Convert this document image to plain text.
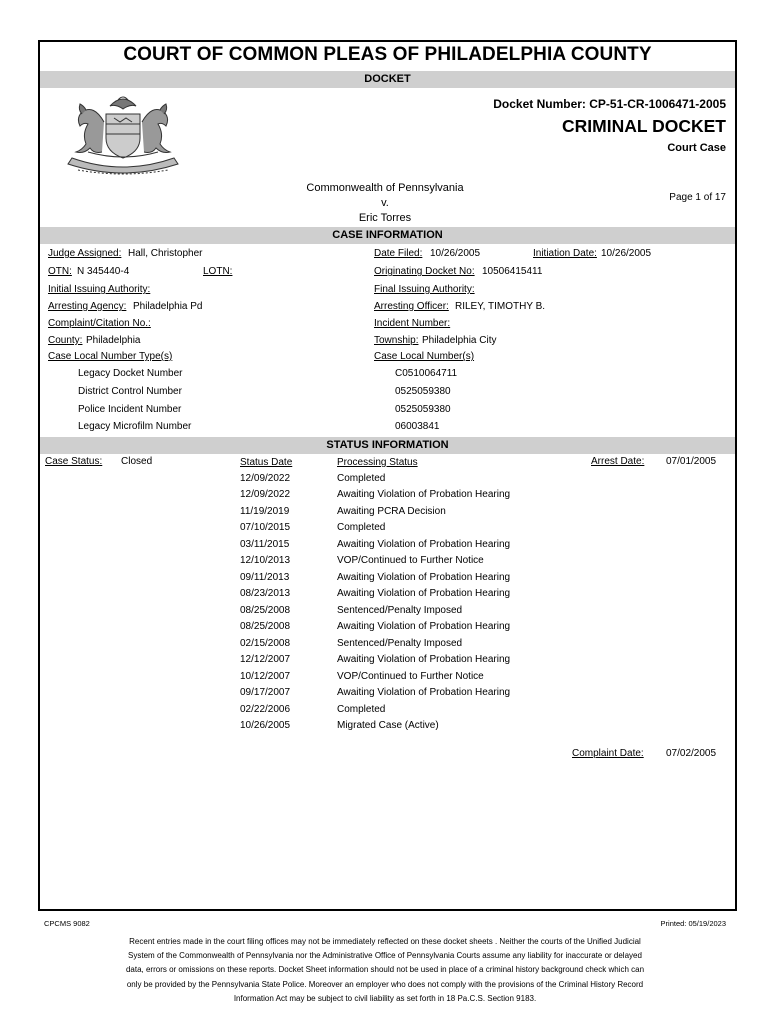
COURT OF COMMON PLEAS OF PHILADELPHIA COUNTY
DOCKET
Docket Number: CP-51-CR-1006471-2005
CRIMINAL DOCKET
Court Case
Commonwealth of Pennsylvania
v.
Eric Torres
Page 1 of 17
CASE INFORMATION
Judge Assigned: Hall, Christopher	Date Filed: 10/26/2005	Initiation Date: 10/26/2005
OTN: N 345440-4	LOTN:	Originating Docket No: 10506415411
Initial Issuing Authority:	Final Issuing Authority:
Arresting Agency: Philadelphia Pd	Arresting Officer: RILEY, TIMOTHY B.
Complaint/Citation No.:	Incident Number:
County: Philadelphia	Township: Philadelphia City
Case Local Number Type(s)	Case Local Number(s)
Legacy Docket Number	C0510064711
District Control Number	0525059380
Police Incident Number	0525059380
Legacy Microfilm Number	06003841
STATUS INFORMATION
Case Status: Closed	Status Date	Processing Status	Arrest Date: 07/01/2005
12/09/2022	Completed
12/09/2022	Awaiting Violation of Probation Hearing
11/19/2019	Awaiting PCRA Decision
07/10/2015	Completed
03/11/2015	Awaiting Violation of Probation Hearing
12/10/2013	VOP/Continued to Further Notice
09/11/2013	Awaiting Violation of Probation Hearing
08/23/2013	Awaiting Violation of Probation Hearing
08/25/2008	Sentenced/Penalty Imposed
08/25/2008	Awaiting Violation of Probation Hearing
02/15/2008	Sentenced/Penalty Imposed
12/12/2007	Awaiting Violation of Probation Hearing
10/12/2007	VOP/Continued to Further Notice
09/17/2007	Awaiting Violation of Probation Hearing
02/22/2006	Completed
10/26/2005	Migrated Case (Active)
Complaint Date: 07/02/2005
CPCMS 9082	Printed: 05/19/2023
Recent entries made in the court filing offices may not be immediately reflected on these docket sheets . Neither the courts of the Unified Judicial
System of the Commonwealth of Pennsylvania nor the Administrative Office of Pennsylvania Courts assume any liability for inaccurate or delayed
data, errors or omissions on these reports. Docket Sheet information should not be used in place of a criminal history background check which can
only be provided by the Pennsylvania State Police. Moreover an employer who does not comply with the provisions of the Criminal History Record
Information Act may be subject to civil liability as set forth in 18 Pa.C.S. Section 9183.
